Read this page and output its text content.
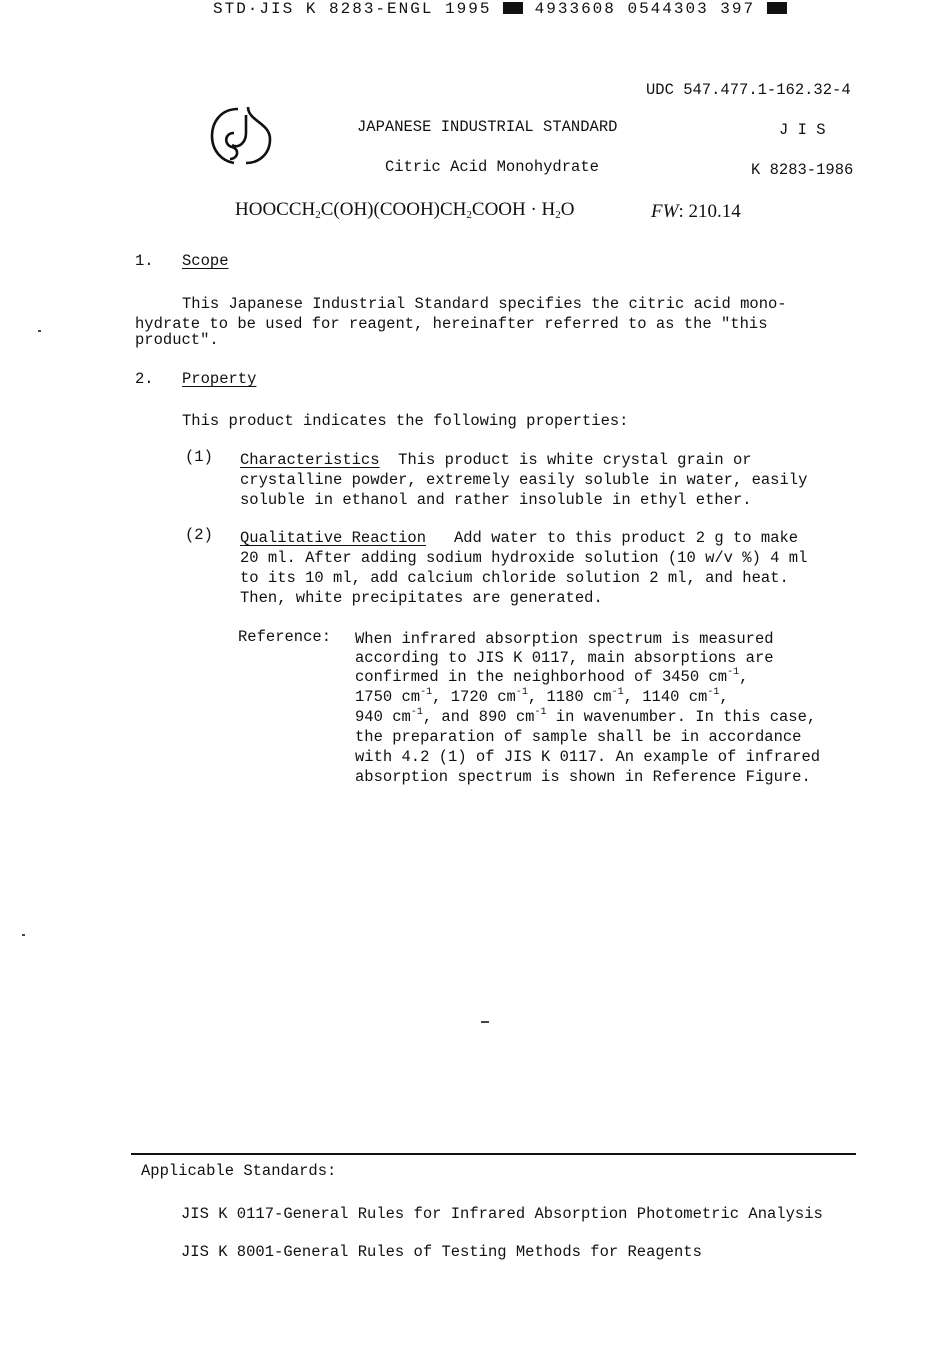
STD·JIS K 8283-ENGL 1995	4933608 0544303 397
UDC 547.477.1-162.32-4
JAPANESE INDUSTRIAL STANDARD	J I S
Citric Acid Monohydrate	K 8283-1986
$HOOCCH_2C(OH)(COOH)CH_2COOH \cdot H_2O$	FW: 210.14
1. Scope
This Japanese Industrial Standard specifies the citric acid mono-
hydrate to be used for reagent, hereinafter referred to as the "this
product".
2. Property
This product indicates the following properties:
(1) Characteristics This product is white crystal grain or
crystalline powder, extremely easily soluble in water, easily
soluble in ethanol and rather insoluble in ethyl ether.
(2) Qualitative Reaction Add water to this product 2 g to make
20 ml. After adding sodium hydroxide solution (10 w/v %) 4 ml
to its 10 ml, add calcium chloride solution 2 ml, and heat.
Then, white precipitates are generated.
Reference: When infrared absorption spectrum is measured
according to JIS K 0117, main absorptions are
confirmed in the neighborhood of 3450 $cm^{-1}$,
1750 $cm^{-1}$, 1720 $cm^{-1}$, 1180 $cm^{-1}$, 1140 $cm^{-1}$,
940 $cm^{-1}$, and 890 $cm^{-1}$ in wavenumber. In this case,
the preparation of sample shall be in accordance
with 4.2 (1) of JIS K 0117. An example of infrared
absorption spectrum is shown in Reference Figure.
Applicable Standards:
JIS K 0117-General Rules for Infrared Absorption Photometric Analysis
JIS K 8001-General Rules of Testing Methods for Reagents
